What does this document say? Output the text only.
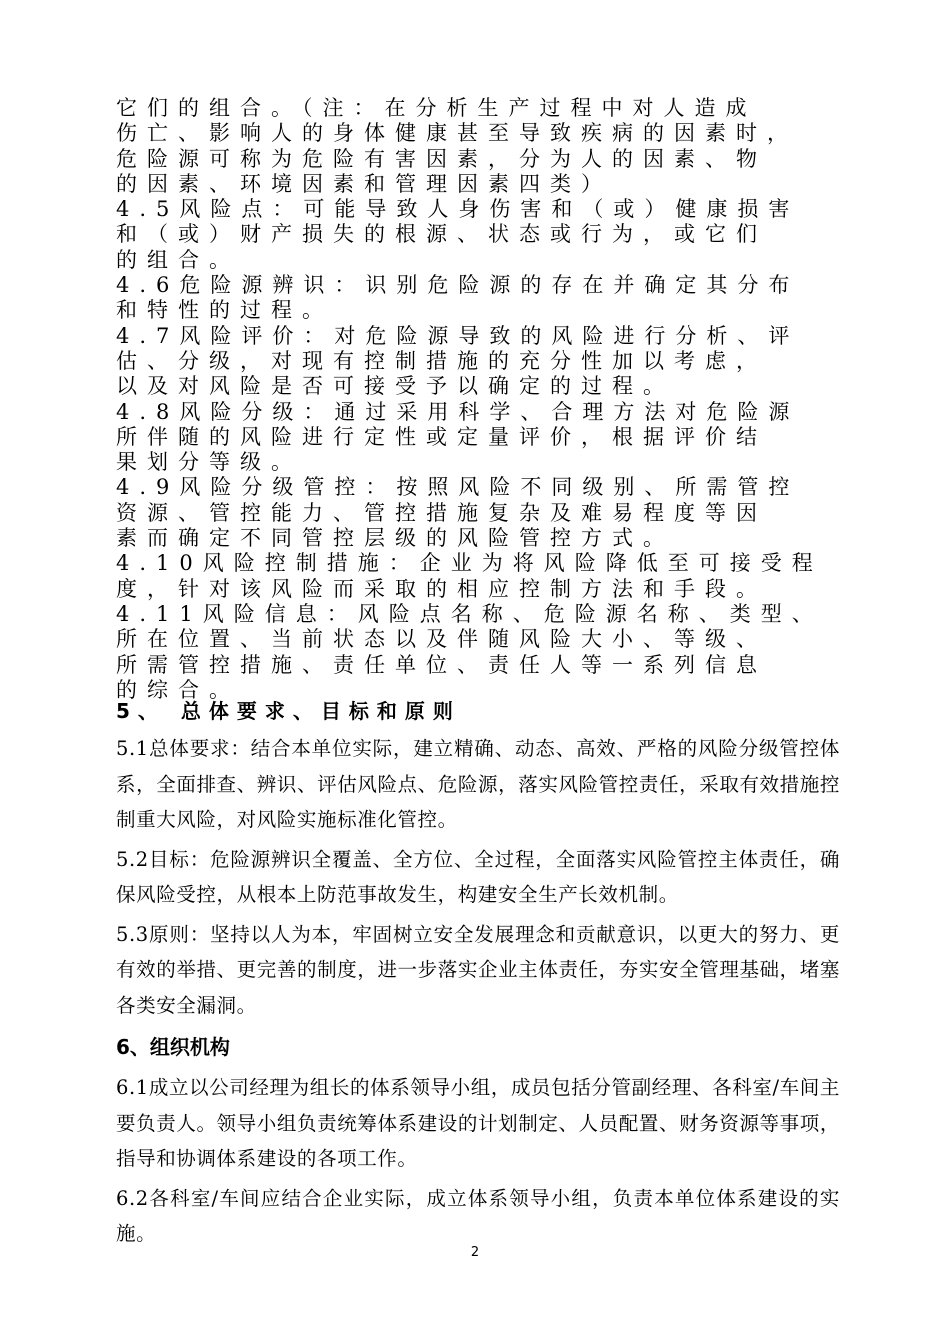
它们的组合。（注：在分析生产过程中对人造成

伤亡、影响人的身体健康甚至导致疾病的因素时，

危险源可称为危险有害因素，分为人的因素、物

的因素、环境因素和管理因素四类）

4.5风险点：可能导致人身伤害和（或）健康损害

和（或）财产损失的根源、状态或行为，或它们

的组合。

4.6危险源辨识：识别危险源的存在并确定其分布

和特性的过程。

4.7风险评价：对危险源导致的风险进行分析、评

估、分级，对现有控制措施的充分性加以考虑，

以及对风险是否可接受予以确定的过程。

4.8风险分级：通过采用科学、合理方法对危险源

所伴随的风险进行定性或定量评价，根据评价结

果划分等级。

4.9风险分级管控：按照风险不同级别、所需管控

资源、管控能力、管控措施复杂及难易程度等因

素而确定不同管控层级的风险管控方式。

4.10风险控制措施：企业为将风险降低至可接受程

度，针对该风险而采取的相应控制方法和手段。

4.11风险信息：风险点名称、危险源名称、类型、

所在位置、当前状态以及伴随风险大小、等级、

所需管控措施、责任单位、责任人等一系列信息

的综合。

5、 总体要求、目标和原则

5.1总体要求：结合本单位实际，建立精确、动态、高效、严格的风险分级管控体系，全面排查、辨识、评估风险点、危险源，落实风险管控责任，采取有效措施控制重大风险，对风险实施标准化管控。

5.2目标：危险源辨识全覆盖、全方位、全过程，全面落实风险管控主体责任，确保风险受控，从根本上防范事故发生，构建安全生产长效机制。

5.3原则：坚持以人为本，牢固树立安全发展理念和贡献意识，以更大的努力、更有效的举措、更完善的制度，进一步落实企业主体责任，夯实安全管理基础，堵塞各类安全漏洞。

6、组织机构

6.1成立以公司经理为组长的体系领导小组，成员包括分管副经理、各科室/车间主要负责人。领导小组负责统筹体系建设的计划制定、人员配置、财务资源等事项，指导和协调体系建设的各项工作。

6.2各科室/车间应结合企业实际，成立体系领导小组，负责本单位体系建设的实施。

2
